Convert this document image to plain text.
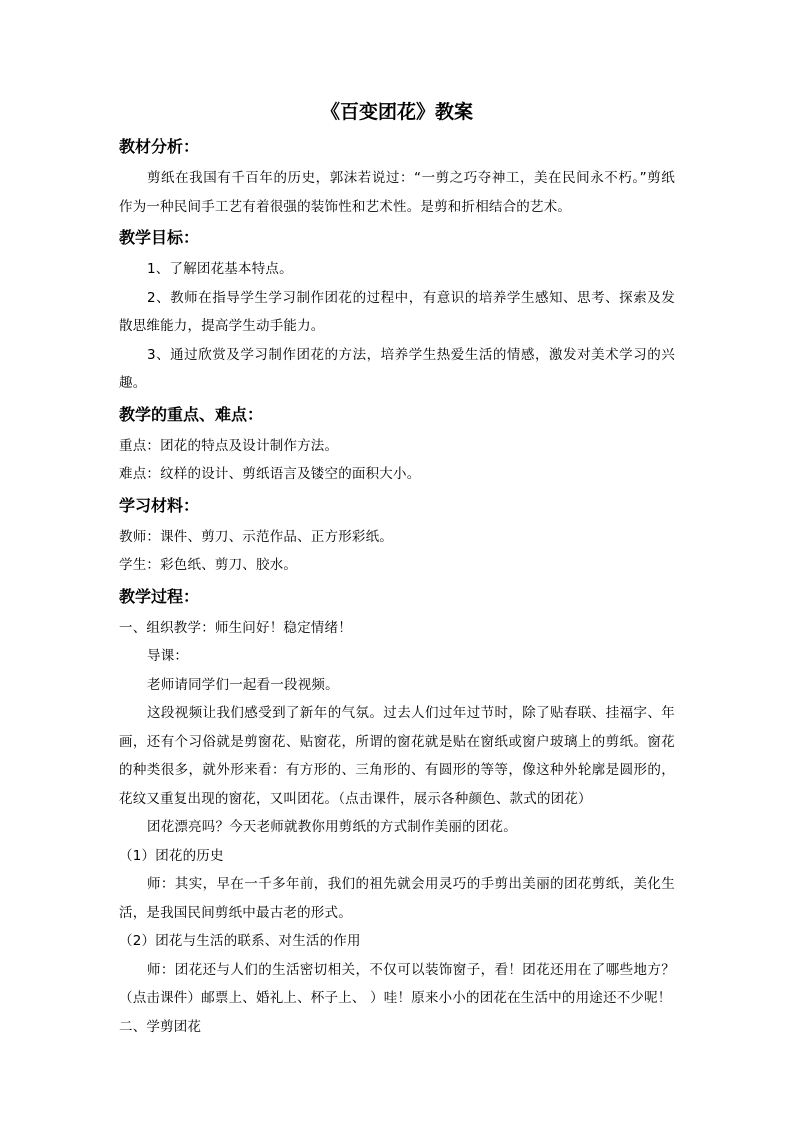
《百变团花》教案
教材分析：

剪纸在我国有千百年的历史，郭沫若说过：“一剪之巧夺神工，美在民间永不朽。”剪纸作为一种民间手工艺有着很强的装饰性和艺术性。是剪和折相结合的艺术。

教学目标：

1、了解团花基本特点。

2、教师在指导学生学习制作团花的过程中，有意识的培养学生感知、思考、探索及发散思维能力，提高学生动手能力。

3、通过欣赏及学习制作团花的方法，培养学生热爱生活的情感，激发对美术学习的兴趣。

教学的重点、难点：

重点：团花的特点及设计制作方法。

难点：纹样的设计、剪纸语言及镂空的面积大小。

学习材料：

教师：课件、剪刀、示范作品、正方形彩纸。

学生：彩色纸、剪刀、胶水。

教学过程：

一、组织教学：师生问好！稳定情绪！

导课：

老师请同学们一起看一段视频。

这段视频让我们感受到了新年的气氛。过去人们过年过节时，除了贴春联、挂福字、年画，还有个习俗就是剪窗花、贴窗花，所谓的窗花就是贴在窗纸或窗户玻璃上的剪纸。窗花的种类很多，就外形来看：有方形的、三角形的、有圆形的等等，像这种外轮廓是圆形的，花纹又重复出现的窗花，又叫团花。（点击课件，展示各种颜色、款式的团花）

团花漂亮吗？今天老师就教你用剪纸的方式制作美丽的团花。

（1）团花的历史

师：其实，早在一千多年前，我们的祖先就会用灵巧的手剪出美丽的团花剪纸，美化生活，是我国民间剪纸中最古老的形式。

（2）团花与生活的联系、对生活的作用

师：团花还与人们的生活密切相关，不仅可以装饰窗子，看！团花还用在了哪些地方？（点击课件）邮票上、婚礼上、杯子上、 ）哇！原来小小的团花在生活中的用途还不少呢！

二、学剪团花
